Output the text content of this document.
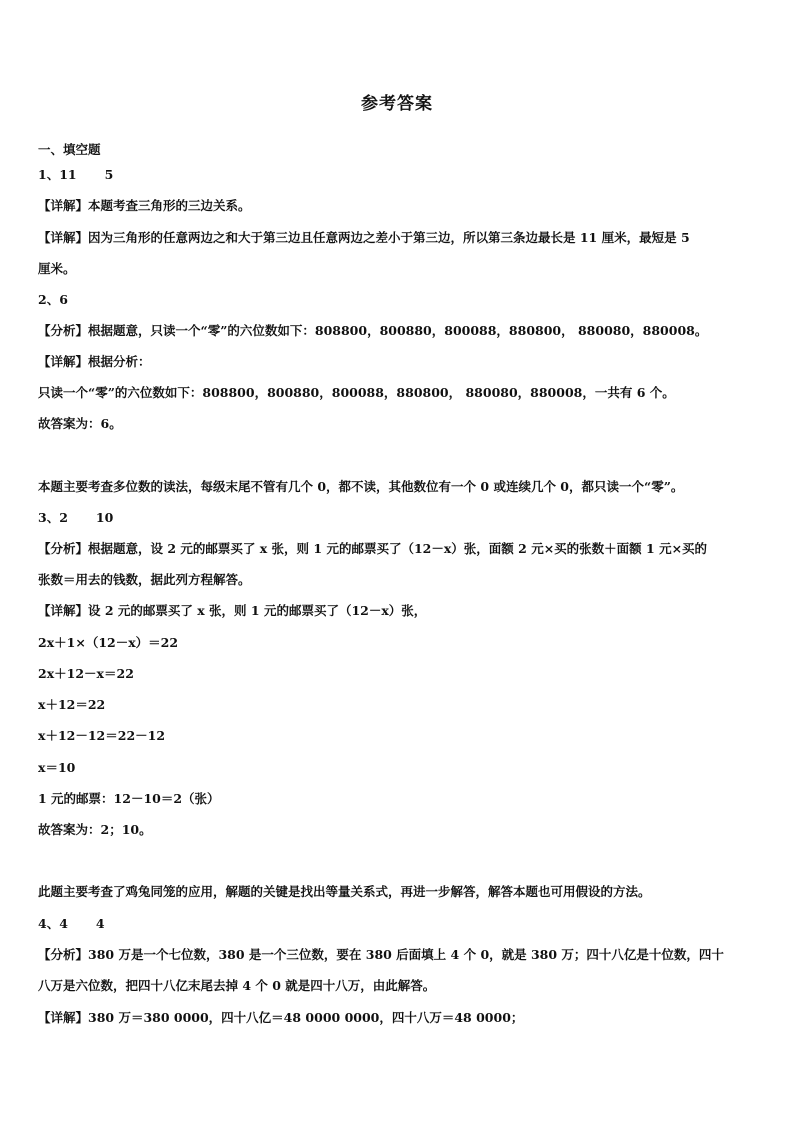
参考答案
一、填空题
1、11 5
【详解】本题考查三角形的三边关系。
【详解】因为三角形的任意两边之和大于第三边且任意两边之差小于第三边，所以第三条边最长是 11 厘米，最短是 5
厘米。
2、6
【分析】根据题意，只读一个“零”的六位数如下：808800，800880，800088，880800， 880080，880008。
【详解】根据分析：
只读一个“零”的六位数如下：808800，800880，800088，880800， 880080，880008，一共有 6 个。
故答案为：6。
本题主要考查多位数的读法，每级末尾不管有几个 0，都不读，其他数位有一个 0 或连续几个 0，都只读一个“零”。
3、2 10
【分析】根据题意，设 2 元的邮票买了 x 张，则 1 元的邮票买了（12－x）张，面额 2 元×买的张数＋面额 1 元×买的
张数＝用去的钱数，据此列方程解答。
【详解】设 2 元的邮票买了 x 张，则 1 元的邮票买了（12－x）张，
2x＋1×（12－x）＝22
2x＋12－x＝22
x＋12＝22
x＋12－12＝22－12
x＝10
1 元的邮票：12－10＝2（张）
故答案为：2；10。
此题主要考查了鸡兔同笼的应用，解题的关键是找出等量关系式，再进一步解答，解答本题也可用假设的方法。
4、4 4
【分析】380 万是一个七位数，380 是一个三位数，要在 380 后面填上 4 个 0，就是 380 万；四十八亿是十位数，四十
八万是六位数，把四十八亿末尾去掉 4 个 0 就是四十八万，由此解答。
【详解】380 万＝380 0000，四十八亿＝48 0000 0000，四十八万＝48 0000；
